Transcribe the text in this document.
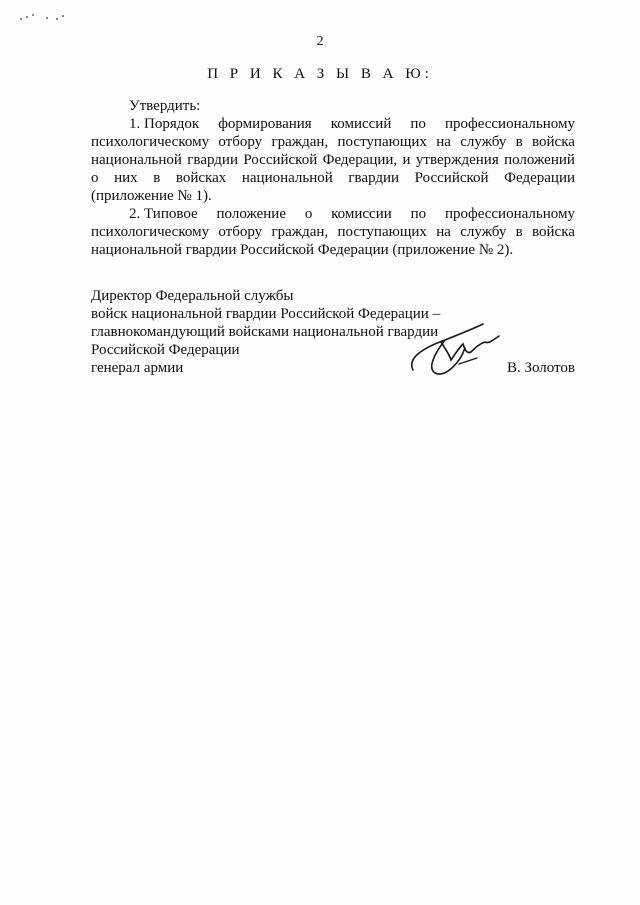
2
П Р И К А З Ы В А Ю:
Утвердить:
1. Порядок формирования комиссий по профессиональному
психологическому отбору граждан, поступающих на службу в войска
национальной гвардии Российской Федерации, и утверждения положений
о них в войсках национальной гвардии Российской Федерации
(приложение № 1).
2. Типовое положение о комиссии по профессиональному
психологическому отбору граждан, поступающих на службу в войска
национальной гвардии Российской Федерации (приложение № 2).
Директор Федеральной службы
войск национальной гвардии Российской Федерации –
главнокомандующий войсками национальной гвардии
Российской Федерации
генерал армии	В. Золотов
